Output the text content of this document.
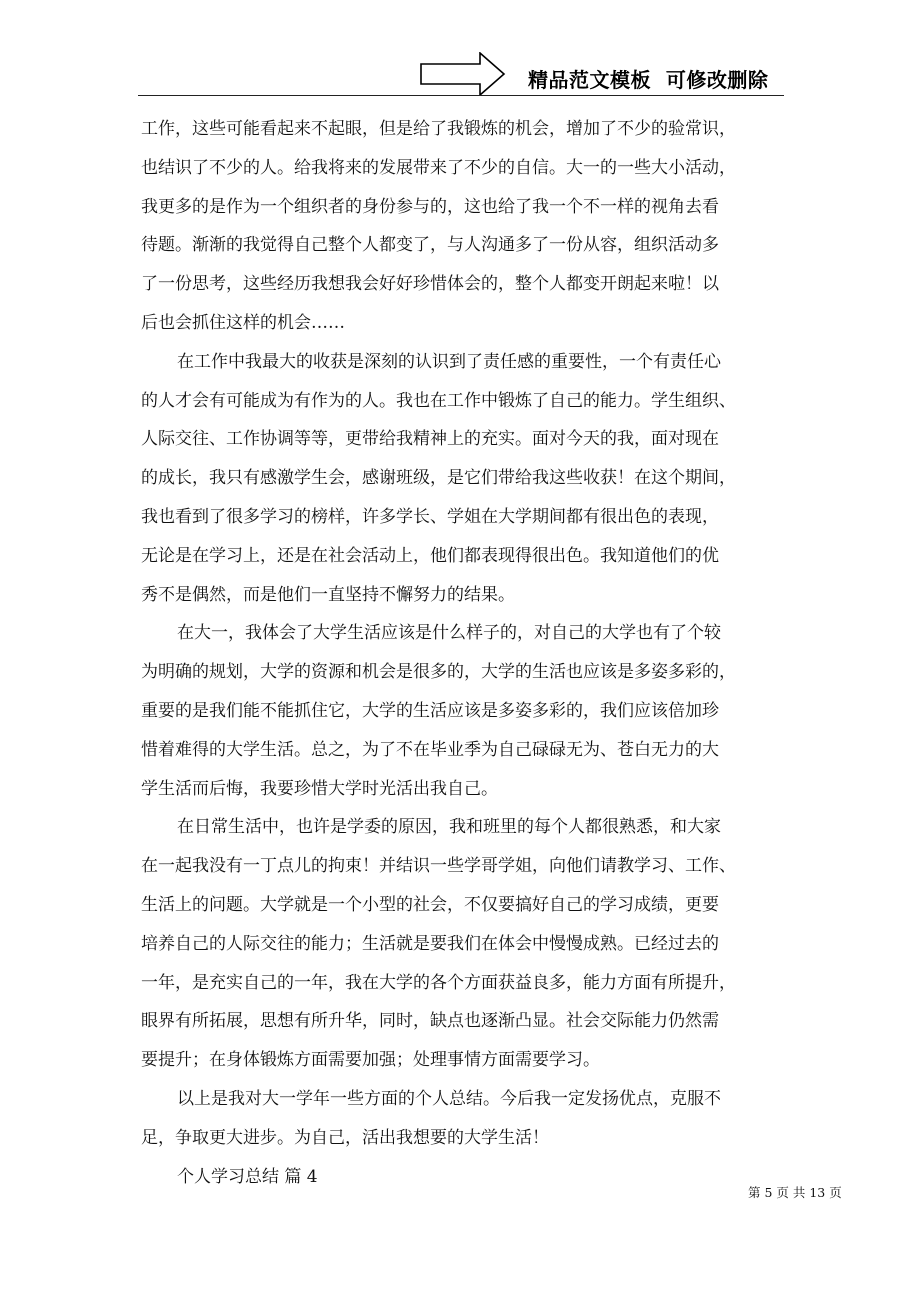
精品范文模板  可修改删除
工作，这些可能看起来不起眼，但是给了我锻炼的机会，增加了不少的验常识，
也结识了不少的人。给我将来的发展带来了不少的自信。大一的一些大小活动，
我更多的是作为一个组织者的身份参与的，这也给了我一个不一样的视角去看
待题。渐渐的我觉得自己整个人都变了，与人沟通多了一份从容，组织活动多
了一份思考，这些经历我想我会好好珍惜体会的，整个人都变开朗起来啦！以
后也会抓住这样的机会……
在工作中我最大的收获是深刻的认识到了责任感的重要性，一个有责任心
的人才会有可能成为有作为的人。我也在工作中锻炼了自己的能力。学生组织、
人际交往、工作协调等等，更带给我精神上的充实。面对今天的我，面对现在
的成长，我只有感激学生会，感谢班级，是它们带给我这些收获！在这个期间，
我也看到了很多学习的榜样，许多学长、学姐在大学期间都有很出色的表现，
无论是在学习上，还是在社会活动上，他们都表现得很出色。我知道他们的优
秀不是偶然，而是他们一直坚持不懈努力的结果。
在大一，我体会了大学生活应该是什么样子的，对自己的大学也有了个较
为明确的规划，大学的资源和机会是很多的，大学的生活也应该是多姿多彩的，
重要的是我们能不能抓住它，大学的生活应该是多姿多彩的，我们应该倍加珍
惜着难得的大学生活。总之，为了不在毕业季为自己碌碌无为、苍白无力的大
学生活而后悔，我要珍惜大学时光活出我自己。
在日常生活中，也许是学委的原因，我和班里的每个人都很熟悉，和大家
在一起我没有一丁点儿的拘束！并结识一些学哥学姐，向他们请教学习、工作、
生活上的问题。大学就是一个小型的社会，不仅要搞好自己的学习成绩，更要
培养自己的人际交往的能力；生活就是要我们在体会中慢慢成熟。已经过去的
一年，是充实自己的一年，我在大学的各个方面获益良多，能力方面有所提升，
眼界有所拓展，思想有所升华，同时，缺点也逐渐凸显。社会交际能力仍然需
要提升；在身体锻炼方面需要加强；处理事情方面需要学习。
以上是我对大一学年一些方面的个人总结。今后我一定发扬优点，克服不
足，争取更大进步。为自己，活出我想要的大学生活！
个人学习总结 篇 4
第 5 页 共 13 页
